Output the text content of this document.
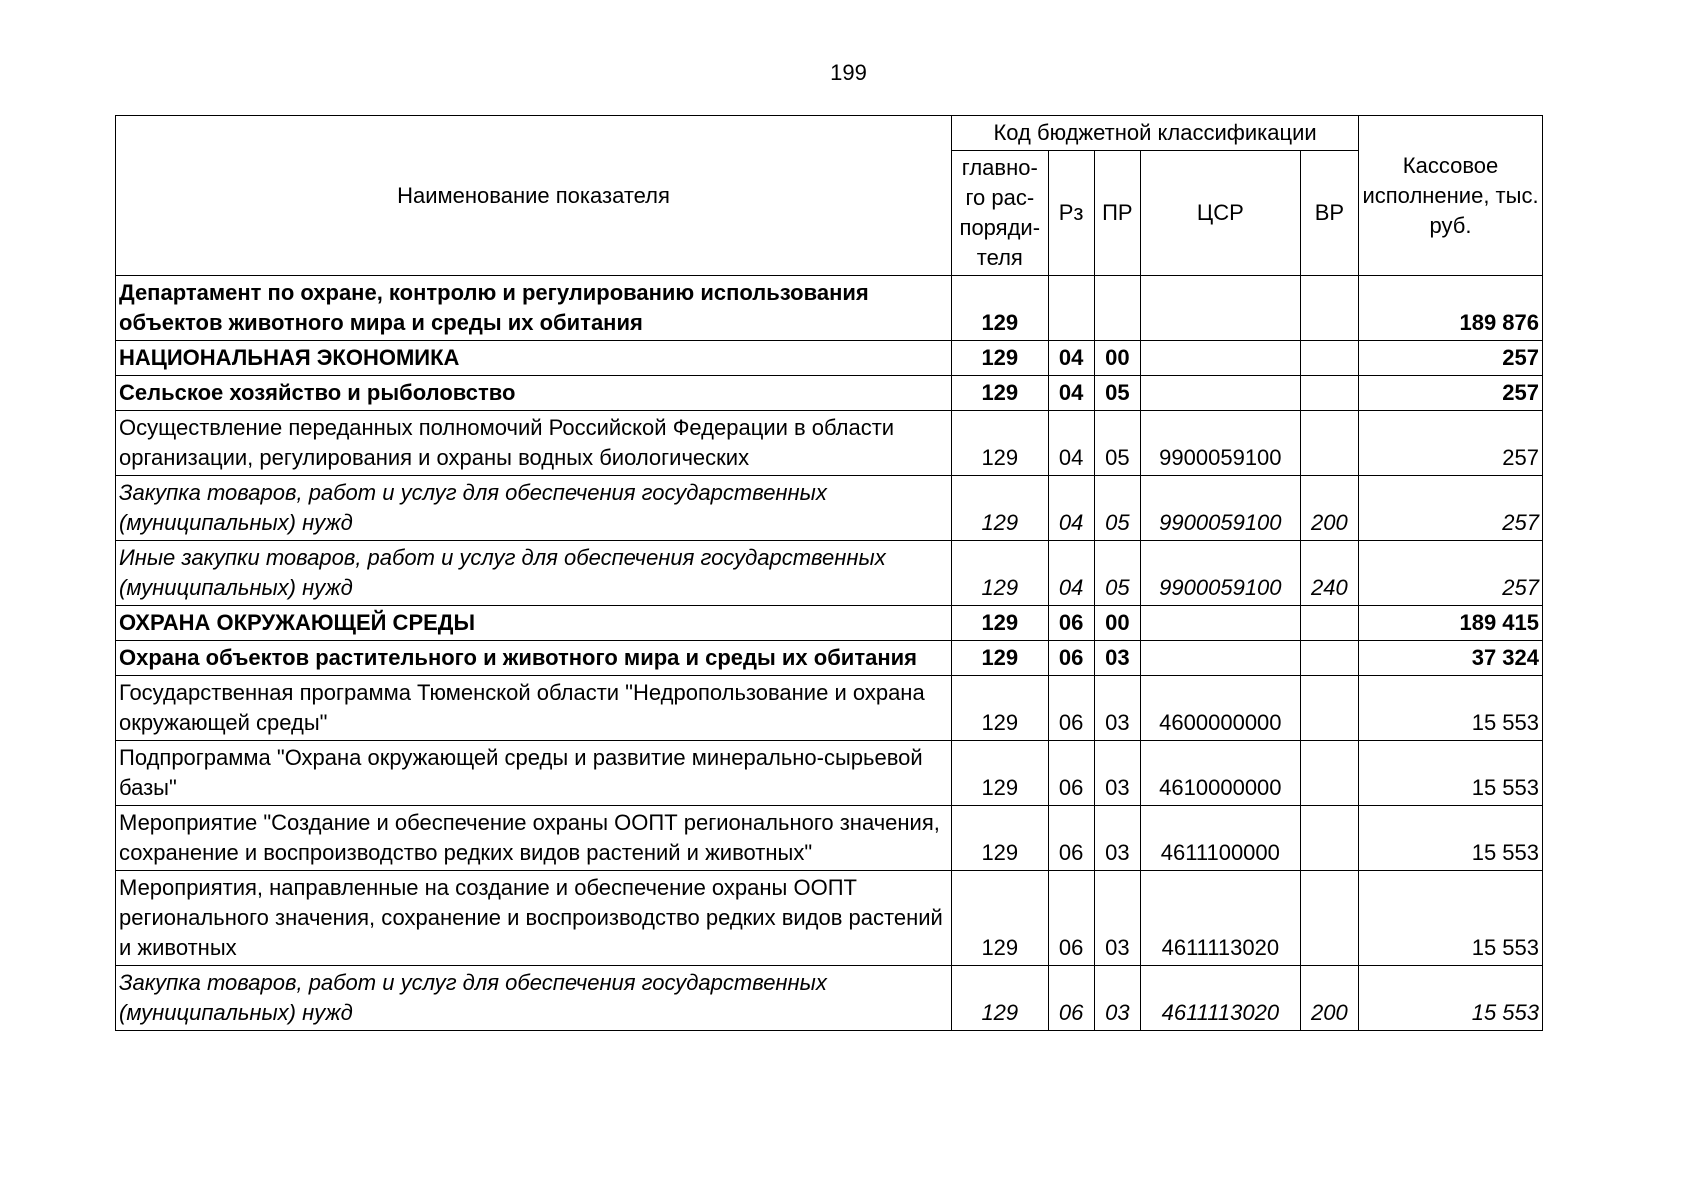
199
Наименование показателя	Код бюджетной классификации					Кассовое исполнение, тыс. руб.
	главно-го рас-поряди-теля	Рз	ПР	ЦСР	ВР	
Департамент по охране, контролю и регулированию использования объектов животного мира и среды их обитания	129					189 876
НАЦИОНАЛЬНАЯ ЭКОНОМИКА	129	04	00			257
Сельское хозяйство и рыболовство	129	04	05			257
Осуществление переданных полномочий Российской Федерации в области организации, регулирования и охраны водных биологических	129	04	05	9900059100		257
Закупка товаров, работ и услуг для обеспечения государственных (муниципальных) нужд	129	04	05	9900059100	200	257
Иные закупки товаров, работ и услуг для обеспечения государственных (муниципальных) нужд	129	04	05	9900059100	240	257
ОХРАНА ОКРУЖАЮЩЕЙ СРЕДЫ	129	06	00			189 415
Охрана объектов растительного и животного мира и среды их обитания	129	06	03			37 324
Государственная программа Тюменской области "Недропользование и охрана окружающей среды"	129	06	03	4600000000		15 553
Подпрограмма "Охрана окружающей среды и развитие минерально-сырьевой базы"	129	06	03	4610000000		15 553
Мероприятие "Создание и обеспечение охраны ООПТ регионального значения, сохранение и воспроизводство редких видов растений и животных"	129	06	03	4611100000		15 553
Мероприятия, направленные на создание и обеспечение охраны ООПТ регионального значения, сохранение и воспроизводство редких видов растений и животных	129	06	03	4611113020		15 553
Закупка товаров, работ и услуг для обеспечения государственных (муниципальных) нужд	129	06	03	4611113020	200	15 553
